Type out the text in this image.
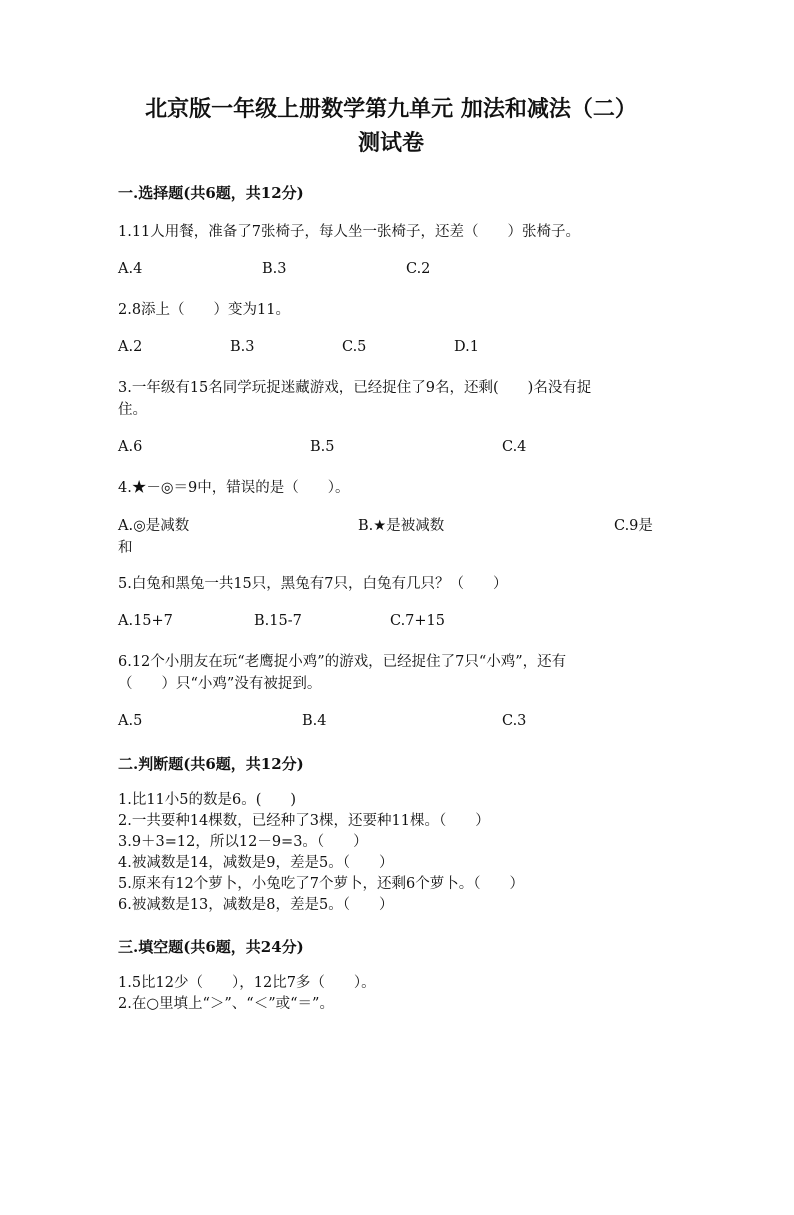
北京版一年级上册数学第九单元 加法和减法（二）
测试卷
一.选择题(共6题，共12分)
1.11人用餐，准备了7张椅子，每人坐一张椅子，还差（　　）张椅子。
A.4	B.3	C.2
2.8添上（　　）变为11。
A.2	B.3	C.5	D.1
3.一年级有15名同学玩捉迷藏游戏，已经捉住了9名，还剩(　　)名没有捉
住。
A.6	B.5	C.4
4.★－◎＝9中，错误的是（　　）。
A.◎是减数	B.★是被减数	C.9是
和
5.白兔和黑兔一共15只，黑兔有7只，白兔有几只？（　　）
A.15+7	B.15-7	C.7+15
6.12个小朋友在玩“老鹰捉小鸡”的游戏，已经捉住了7只“小鸡”，还有
（　　）只“小鸡”没有被捉到。
A.5	B.4	C.3
二.判断题(共6题，共12分)
1.比11小5的数是6。(　　)
2.一共要种14棵数，已经种了3棵，还要种11棵。（　　）
3.9＋3=12，所以12－9=3。（　　）
4.被减数是14，减数是9，差是5。（　　）
5.原来有12个萝卜，小兔吃了7个萝卜，还剩6个萝卜。（　　）
6.被减数是13，减数是8，差是5。（　　）
三.填空题(共6题，共24分)
1.5比12少（　　），12比7多（　　）。
2.在○里填上“＞”、“＜”或“＝”。
